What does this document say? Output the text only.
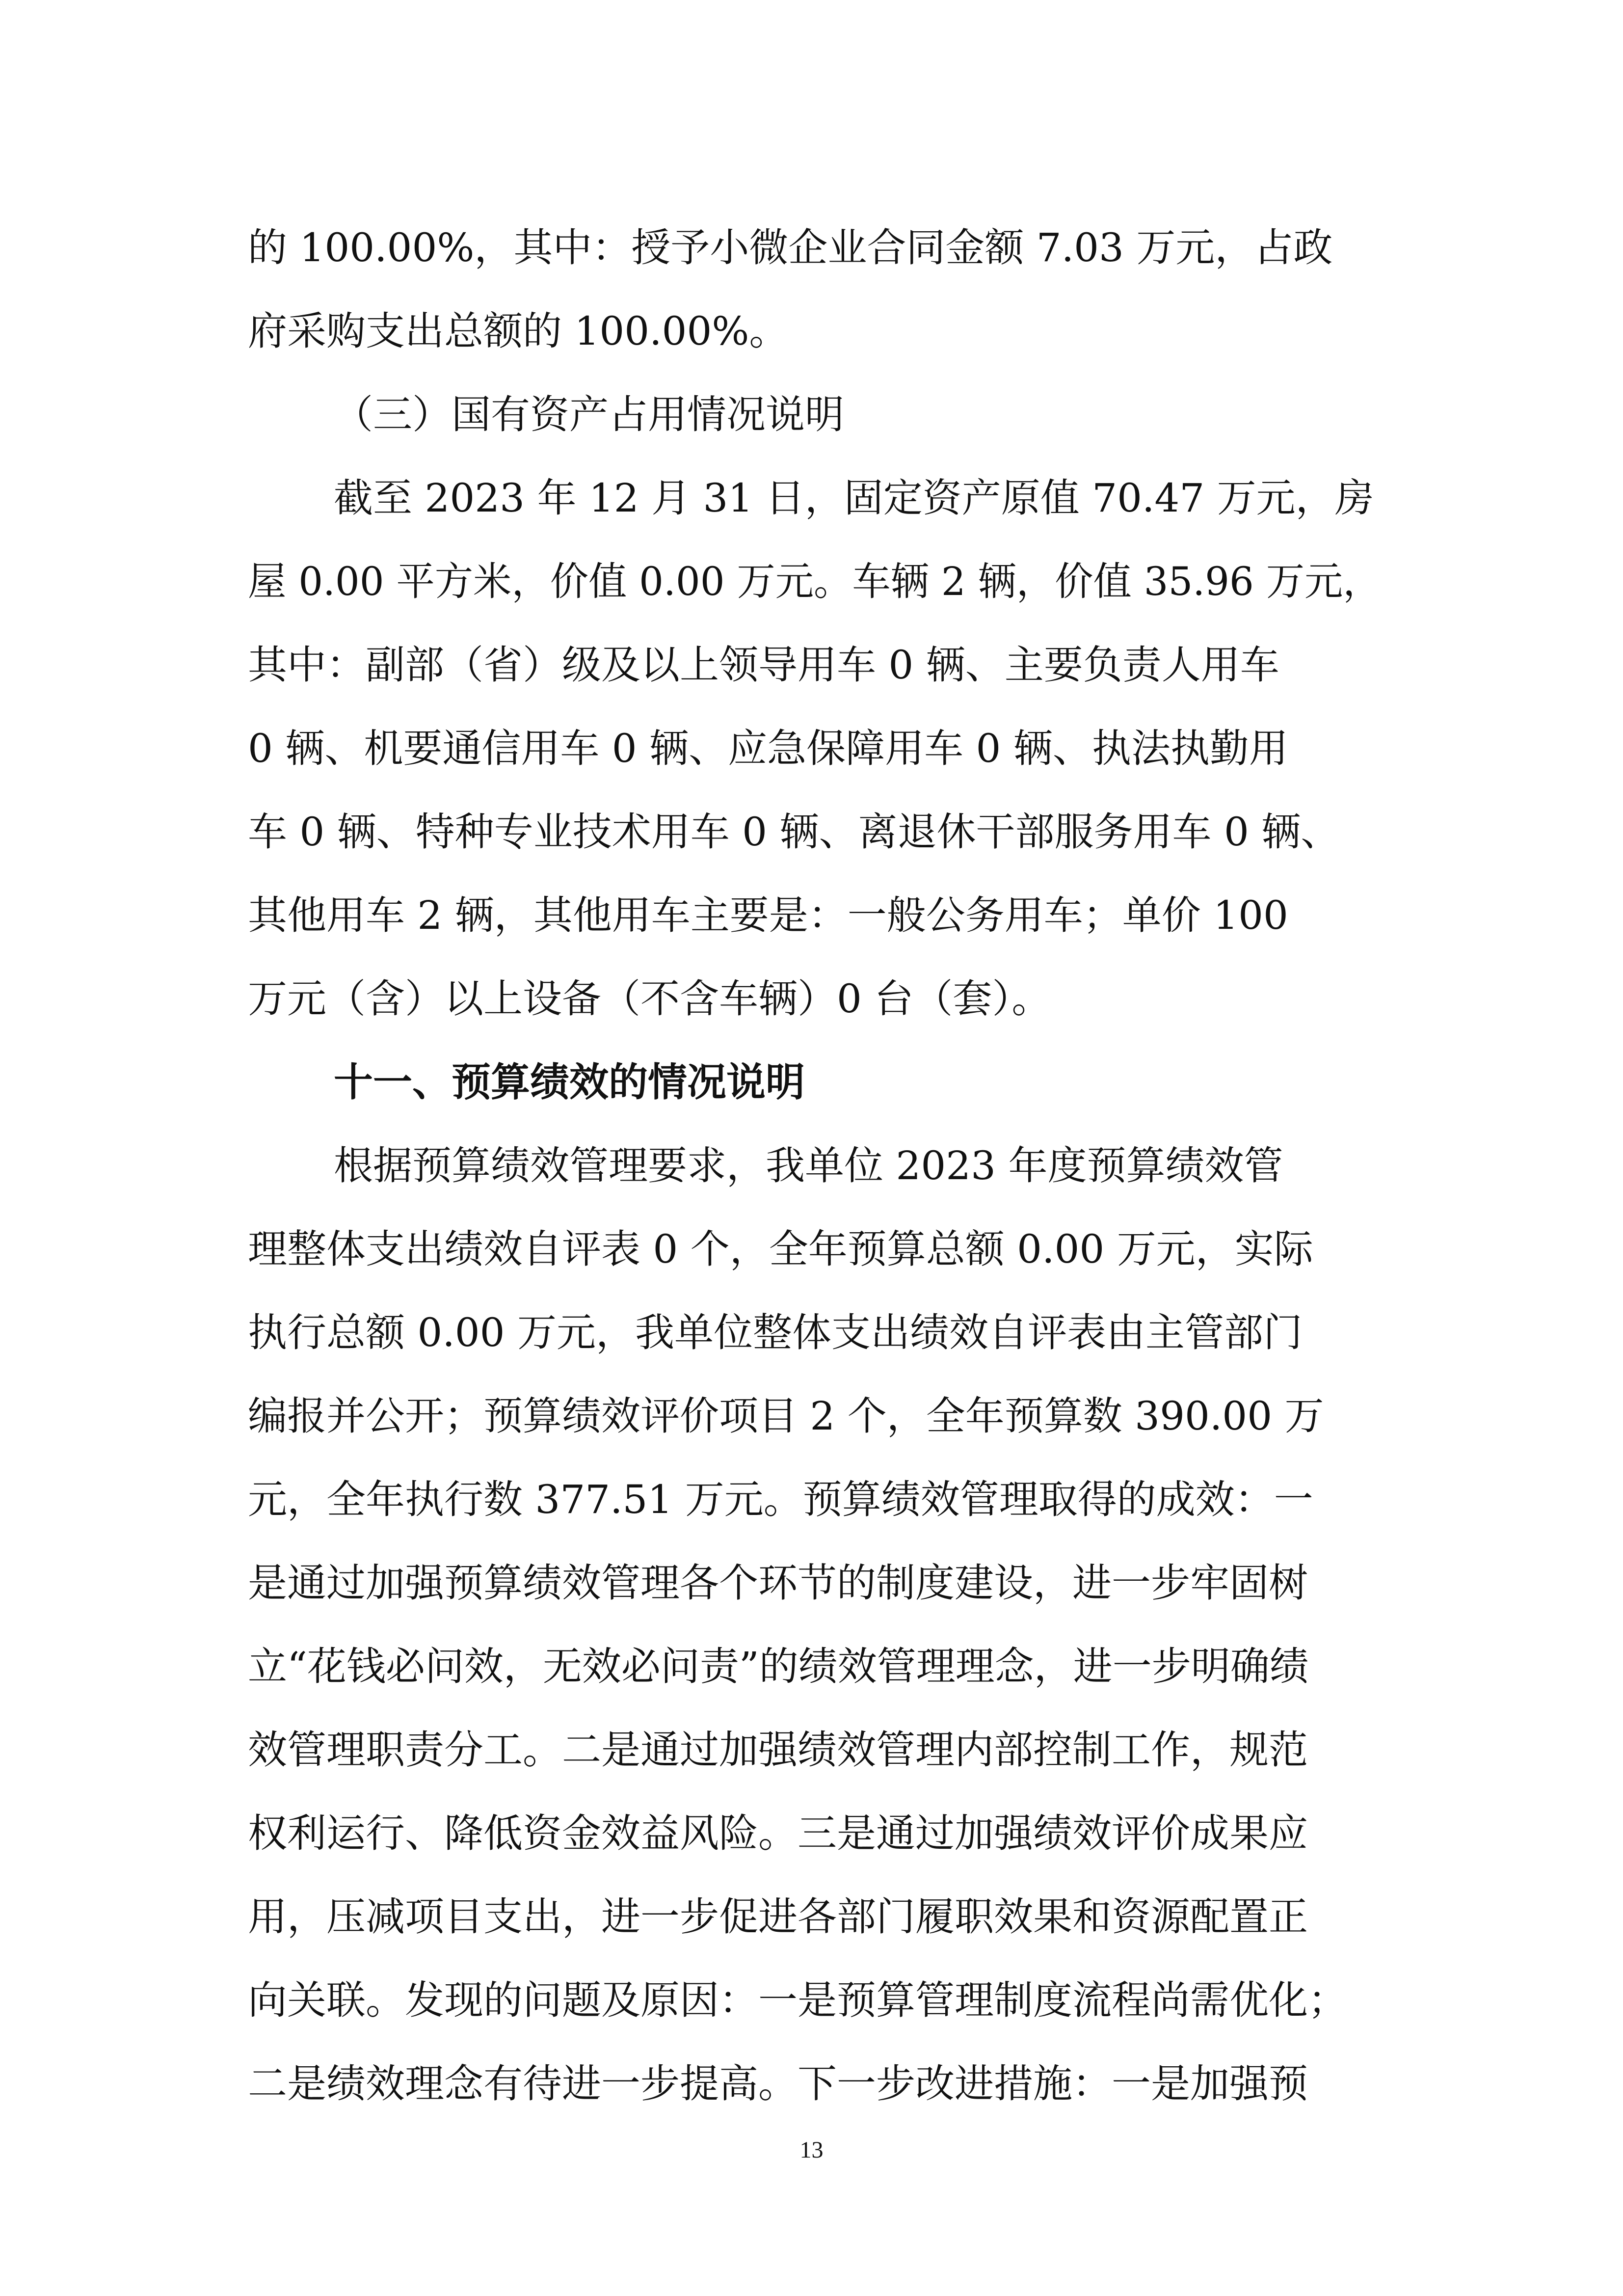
的 100.00%，其中：授予小微企业合同金额 7.03 万元，占政
府采购支出总额的 100.00%。
（三）国有资产占用情况说明
截至 2023 年 12 月 31 日，固定资产原值 70.47 万元，房
屋 0.00 平方米，价值 0.00 万元。车辆 2 辆，价值 35.96 万元，
其中：副部（省）级及以上领导用车 0 辆、主要负责人用车
0 辆、机要通信用车 0 辆、应急保障用车 0 辆、执法执勤用
车 0 辆、特种专业技术用车 0 辆、离退休干部服务用车 0 辆、
其他用车 2 辆，其他用车主要是：一般公务用车；单价 100
万元（含）以上设备（不含车辆）0 台（套）。
十一、预算绩效的情况说明
根据预算绩效管理要求，我单位 2023 年度预算绩效管
理整体支出绩效自评表 0 个，全年预算总额 0.00 万元，实际
执行总额 0.00 万元，我单位整体支出绩效自评表由主管部门
编报并公开；预算绩效评价项目 2 个，全年预算数 390.00 万
元，全年执行数 377.51 万元。预算绩效管理取得的成效：一
是通过加强预算绩效管理各个环节的制度建设，进一步牢固树
立“花钱必问效，无效必问责”的绩效管理理念，进一步明确绩
效管理职责分工。二是通过加强绩效管理内部控制工作，规范
权利运行、降低资金效益风险。三是通过加强绩效评价成果应
用，压减项目支出，进一步促进各部门履职效果和资源配置正
向关联。发现的问题及原因：一是预算管理制度流程尚需优化；
二是绩效理念有待进一步提高。下一步改进措施：一是加强预
13
